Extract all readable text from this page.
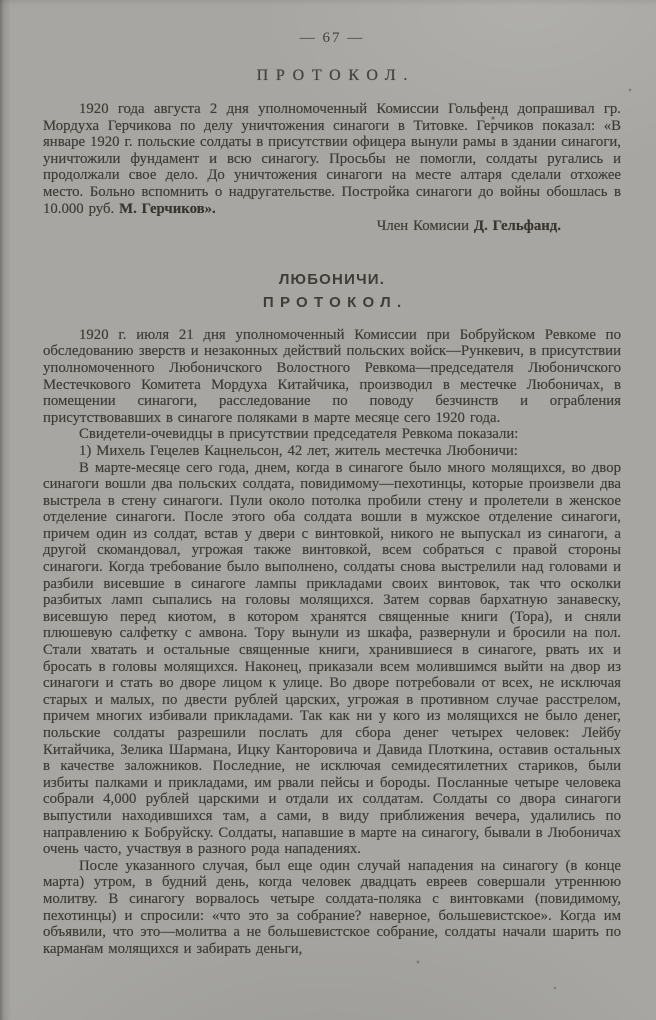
— 67 —
ПРОТОКОЛ.

1920 года августа 2 дня уполномоченный Комиссии Гольфенд допрашивал гр. Мордуха Герчикова по делу уничтожения синагоги в Титовке. Герчиков показал: «В январе 1920 г. польские солдаты в присутствии офицера вынули рамы в здании синагоги, уничтожили фундамент и всю синагогу. Просьбы не помогли, солдаты ругались и продолжали свое дело. До уничтожения синагоги на месте алтаря сделали отхожее место. Больно вспомнить о надругательстве. Постройка синагоги до войны обошлась в 10.000 руб. М. Герчиков».

Член Комисии Д. Гельфанд.

ЛЮБОНИЧИ.
ПРОТОКОЛ.

1920 г. июля 21 дня уполномоченный Комиссии при Бобруйском Ревкоме по обследованию зверств и незаконных действий польских войск—Рункевич, в присутствии уполномоченного Любоничского Волостного Ревкома—председателя Любоничского Местечкового Комитета Мордуха Китайчика, производил в местечке Любоничах, в помещении синагоги, расследование по поводу безчинств и ограбления присутствовавших в синагоге поляками в марте месяце сего 1920 года.

Свидетели-очевидцы в присутствии председателя Ревкома показали:

1) Михель Гецелев Кацнельсон, 42 лет, житель местечка Любоничи:

В марте-месяце сего года, днем, когда в синагоге было много молящихся, во двор синагоги вошли два польских солдата, повидимому—пехотинцы, которые произвели два выстрела в стену синагоги. Пули около потолка пробили стену и пролетели в женское отделение синагоги. После этого оба солдата вошли в мужское отделение синагоги, причем один из солдат, встав у двери с винтовкой, никого не выпускал из синагоги, а другой скомандовал, угрожая также винтовкой, всем собраться с правой стороны синагоги. Когда требование было выполнено, солдаты снова выстрелили над головами и разбили висевшие в синагоге лампы прикладами своих винтовок, так что осколки разбитых ламп сыпались на головы молящихся. Затем сорвав бархатную занавеску, висевшую перед киотом, в котором хранятся священные книги (Тора), и сняли плюшевую салфетку с амвона. Тору вынули из шкафа, развернули и бросили на пол. Стали хватать и остальные священные книги, хранившиеся в синагоге, рвать их и бросать в головы молящихся. Наконец, приказали всем молившимся выйти на двор из синагоги и стать во дворе лицом к улице. Во дворе потребовали от всех, не исключая старых и малых, по двести рублей царских, угрожая в противном случае расстрелом, причем многих избивали прикладами. Так как ни у кого из молящихся не было денег, польские солдаты разрешили послать для сбора денег четырех человек: Лейбу Китайчика, Зелика Шармана, Ицку Канторовича и Давида Плоткина, оставив остальных в качестве заложников. Последние, не исключая семидесятилетних стариков, были избиты палками и прикладами, им рвали пейсы и бороды. Посланные четыре человека собрали 4,000 рублей царскими и отдали их солдатам. Солдаты со двора синагоги выпустили находившихся там, а сами, в виду приближения вечера, удалились по направлению к Бобруйску. Солдаты, напавшие в марте на синагогу, бывали в Любоничах очень часто, участвуя в разного рода нападениях.

После указанного случая, был еще один случай нападения на синагогу (в конце марта) утром, в будний день, когда человек двадцать евреев совершали утреннюю молитву. В синагогу ворвалось четыре солдата-поляка с винтовками (повидимому, пехотинцы) и спросили: «что это за собрание? наверное, большевистское». Когда им объявили, что это—молитва а не большевистское собрание, солдаты начали шарить по карманам молящихся и забирать деньги,
